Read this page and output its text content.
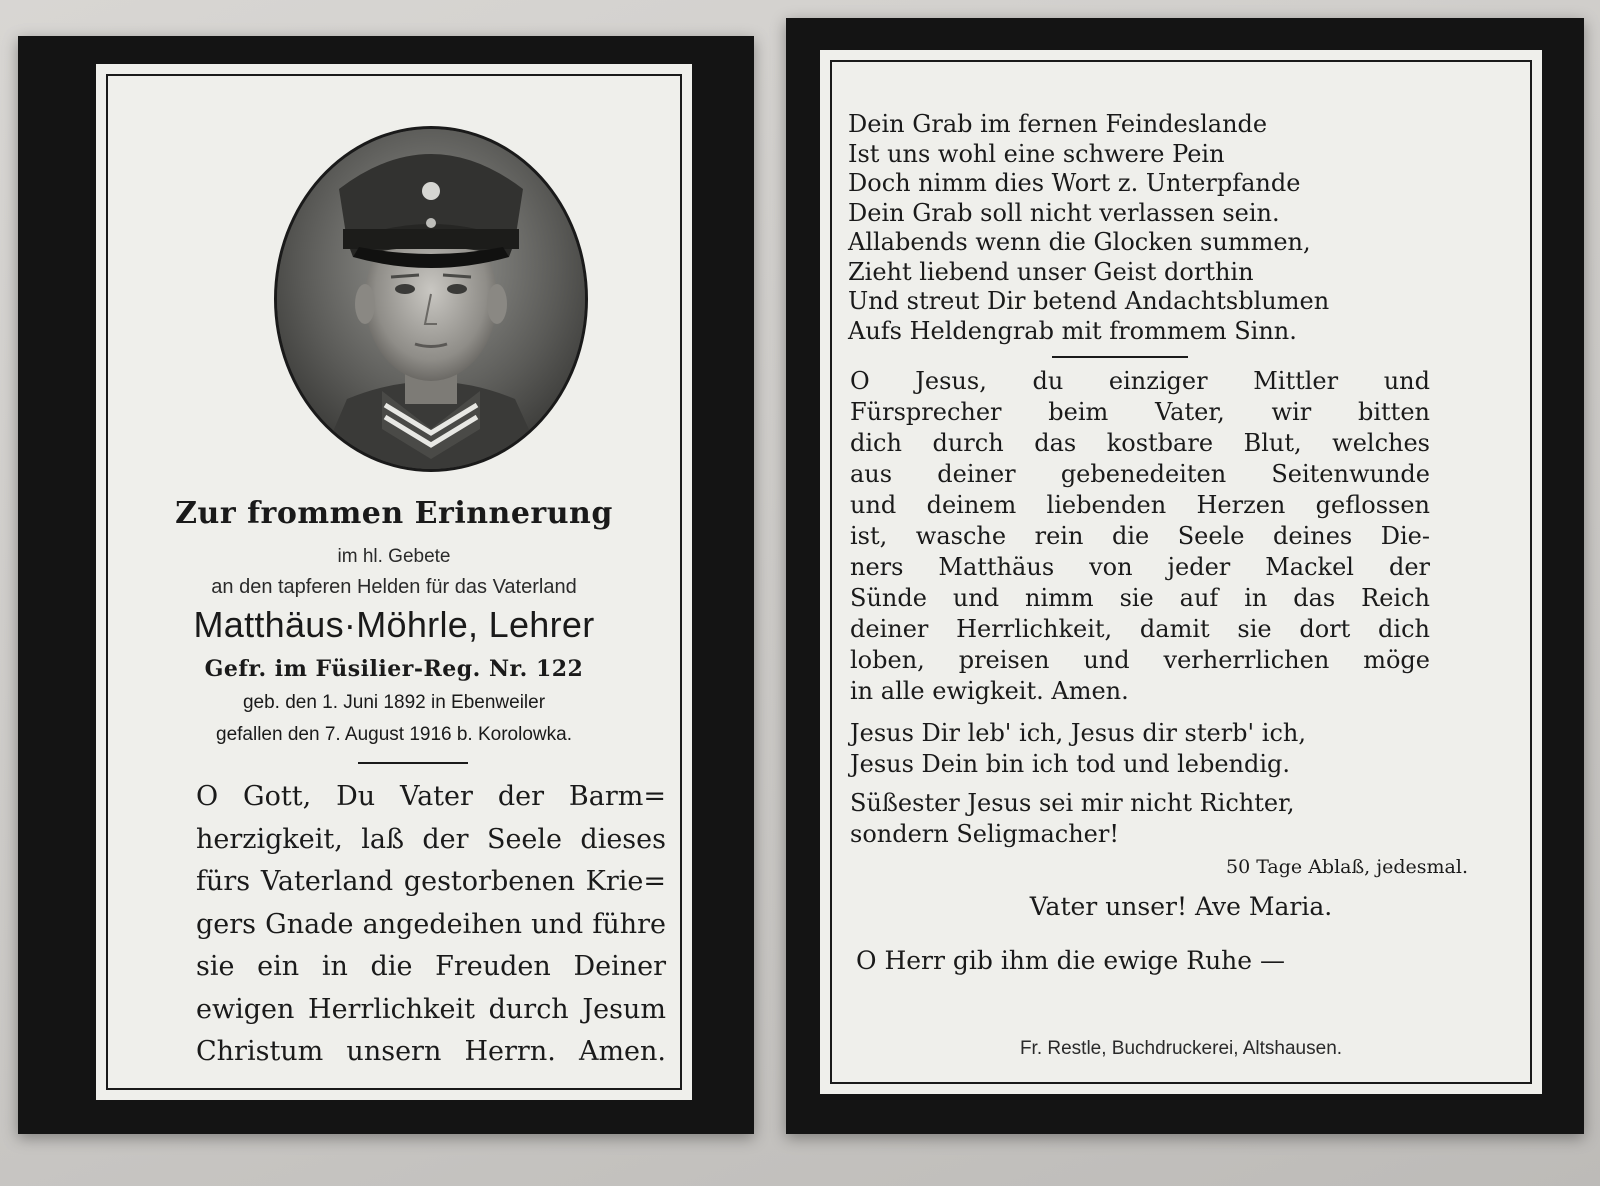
Zur frommen Erinnerung
im hl. Gebete
an den tapferen Helden für das Vaterland
Matthäus·Möhrle, Lehrer
Gefr. im Füsilier-Reg. Nr. 122
geb. den 1. Juni 1892 in Ebenweiler
gefallen den 7. August 1916 b. Korolowka.
O Gott, Du Vater der Barm=
herzigkeit, laß der Seele dieses
fürs Vaterland gestorbenen Krie=
gers Gnade angedeihen und führe
sie ein in die Freuden Deiner
ewigen Herrlichkeit durch Jesum
Christum unsern Herrn. Amen.
Dein Grab im fernen Feindeslande
Ist uns wohl eine schwere Pein
Doch nimm dies Wort z. Unterpfande
Dein Grab soll nicht verlassen sein.
Allabends wenn die Glocken summen,
Zieht liebend unser Geist dorthin
Und streut Dir betend Andachtsblumen
Aufs Heldengrab mit frommem Sinn.
O Jesus, du einziger Mittler und
Fürsprecher beim Vater, wir bitten
dich durch das kostbare Blut, welches
aus deiner gebenedeiten Seitenwunde
und deinem liebenden Herzen geflossen
ist, wasche rein die Seele deines Die-
ners Matthäus von jeder Mackel der
Sünde und nimm sie auf in das Reich
deiner Herrlichkeit, damit sie dort dich
loben, preisen und verherrlichen möge
in alle ewigkeit. Amen.
Jesus Dir leb' ich, Jesus dir sterb' ich,
Jesus Dein bin ich tod und lebendig.
Süßester Jesus sei mir nicht Richter,
sondern Seligmacher!
50 Tage Ablaß, jedesmal.
Vater unser! Ave Maria.
O Herr gib ihm die ewige Ruhe —
Fr. Restle, Buchdruckerei, Altshausen.
